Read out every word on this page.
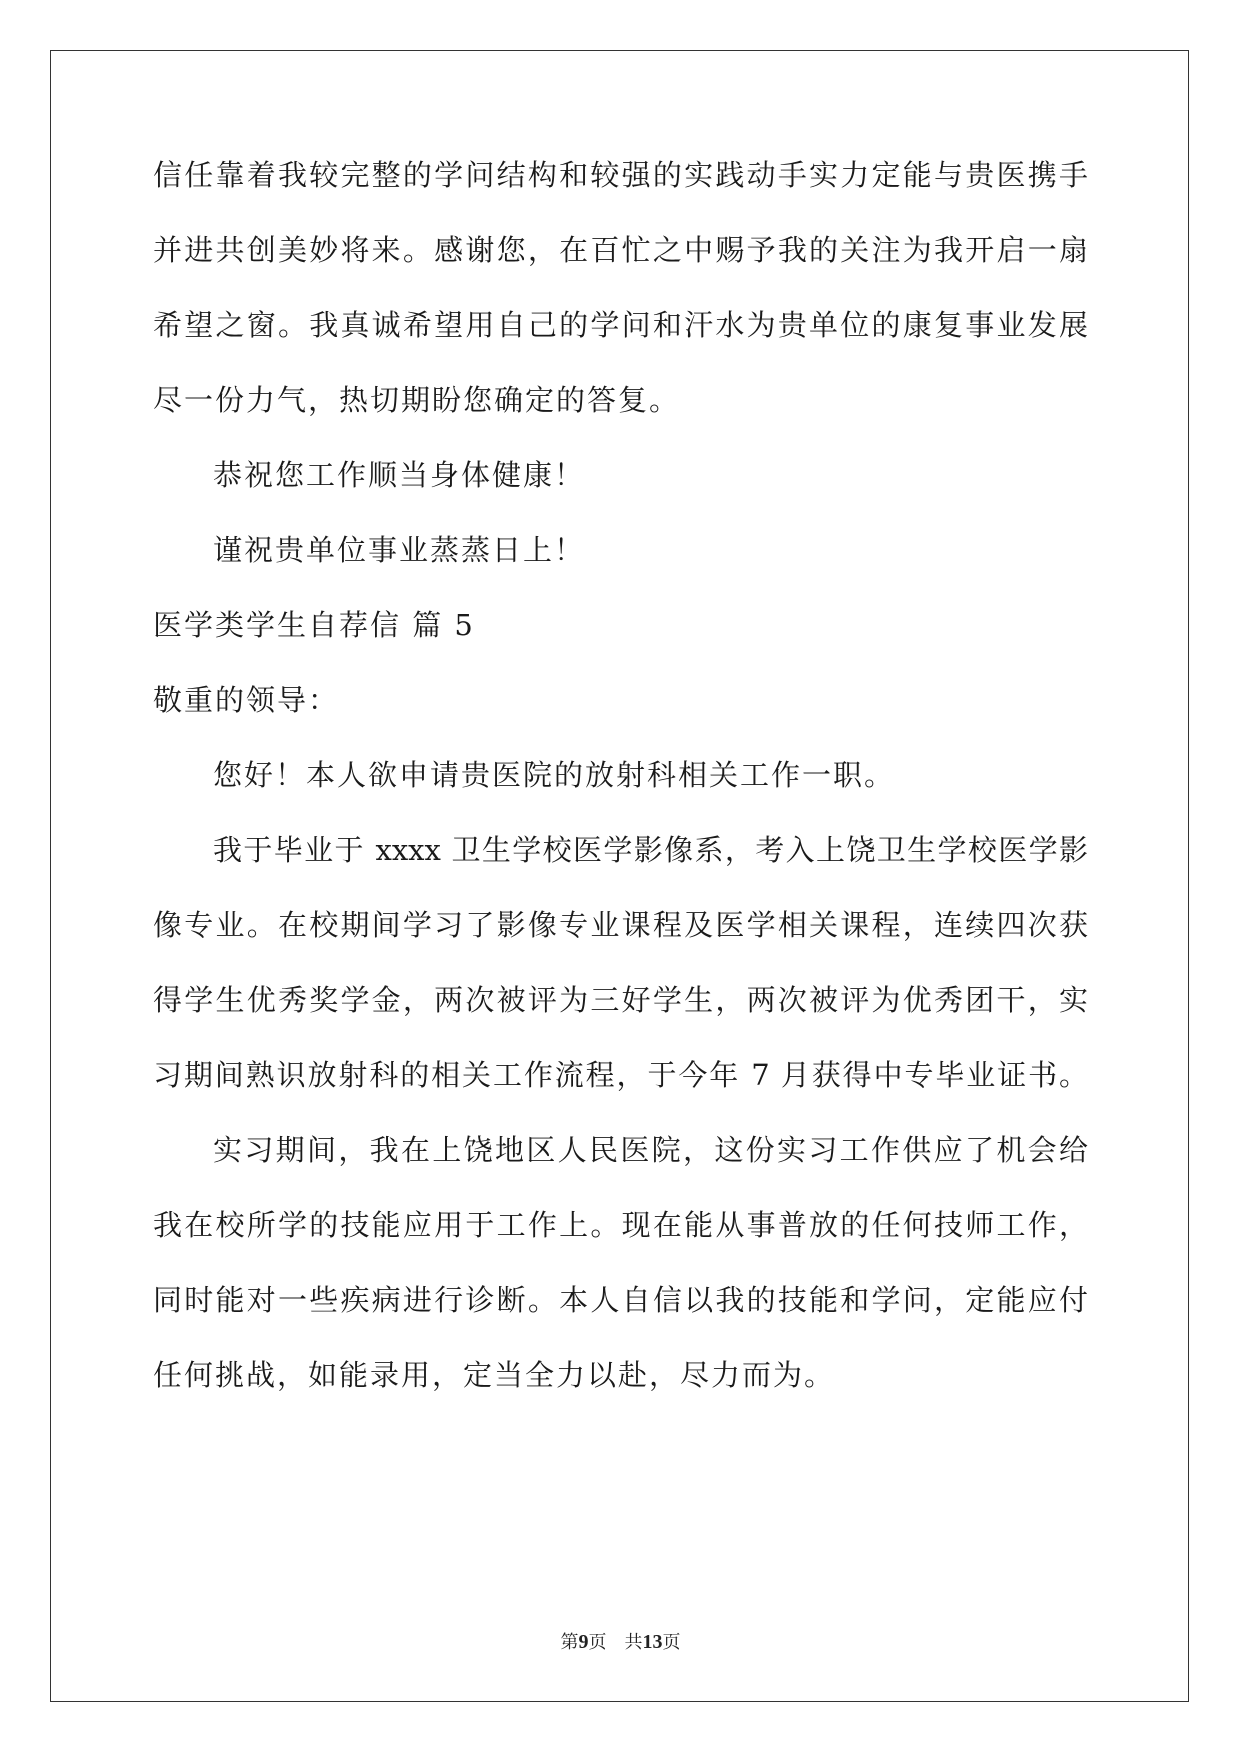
信任靠着我较完整的学问结构和较强的实践动手实力定能与贵医携手
并进共创美妙将来。感谢您，在百忙之中赐予我的关注为我开启一扇
希望之窗。我真诚希望用自己的学问和汗水为贵单位的康复事业发展
尽一份力气，热切期盼您确定的答复。
恭祝您工作顺当身体健康！
谨祝贵单位事业蒸蒸日上！
医学类学生自荐信 篇 5
敬重的领导：
您好！本人欲申请贵医院的放射科相关工作一职。
我于毕业于 xxxx 卫生学校医学影像系，考入上饶卫生学校医学影
像专业。在校期间学习了影像专业课程及医学相关课程，连续四次获
得学生优秀奖学金，两次被评为三好学生，两次被评为优秀团干，实
习期间熟识放射科的相关工作流程，于今年 7 月获得中专毕业证书。
实习期间，我在上饶地区人民医院，这份实习工作供应了机会给
我在校所学的技能应用于工作上。现在能从事普放的任何技师工作，
同时能对一些疾病进行诊断。本人自信以我的技能和学问，定能应付
任何挑战，如能录用，定当全力以赴，尽力而为。
第9页　共13页
